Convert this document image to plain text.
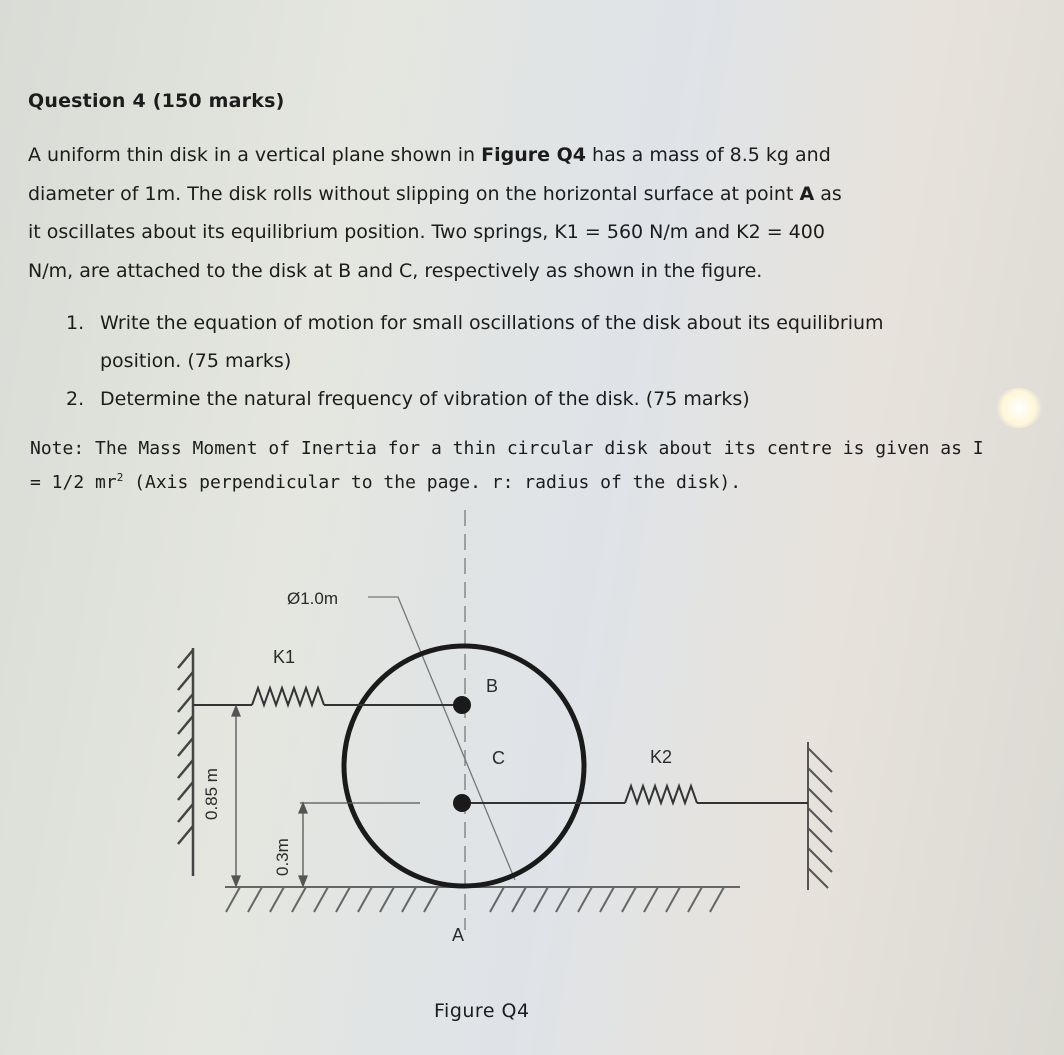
Question 4 (150 marks)

A uniform thin disk in a vertical plane shown in Figure Q4 has a mass of 8.5 kg and

diameter of 1m. The disk rolls without slipping on the horizontal surface at point A as

it oscillates about its equilibrium position. Two springs, K1 = 560 N/m and K2 = 400

N/m, are attached to the disk at B and C, respectively as shown in the figure.

1. Write the equation of motion for small oscillations of the disk about its equilibrium
position. (75 marks)
2. Determine the natural frequency of vibration of the disk. (75 marks)

Note: The Mass Moment of Inertia for a thin circular disk about its centre is given as I

= 1/2 $mr^2$ (Axis perpendicular to the page. r: radius of the disk).

Ø1.0m
K1
K2
B
C
A
0.85 m
0.3m
Figure Q4
